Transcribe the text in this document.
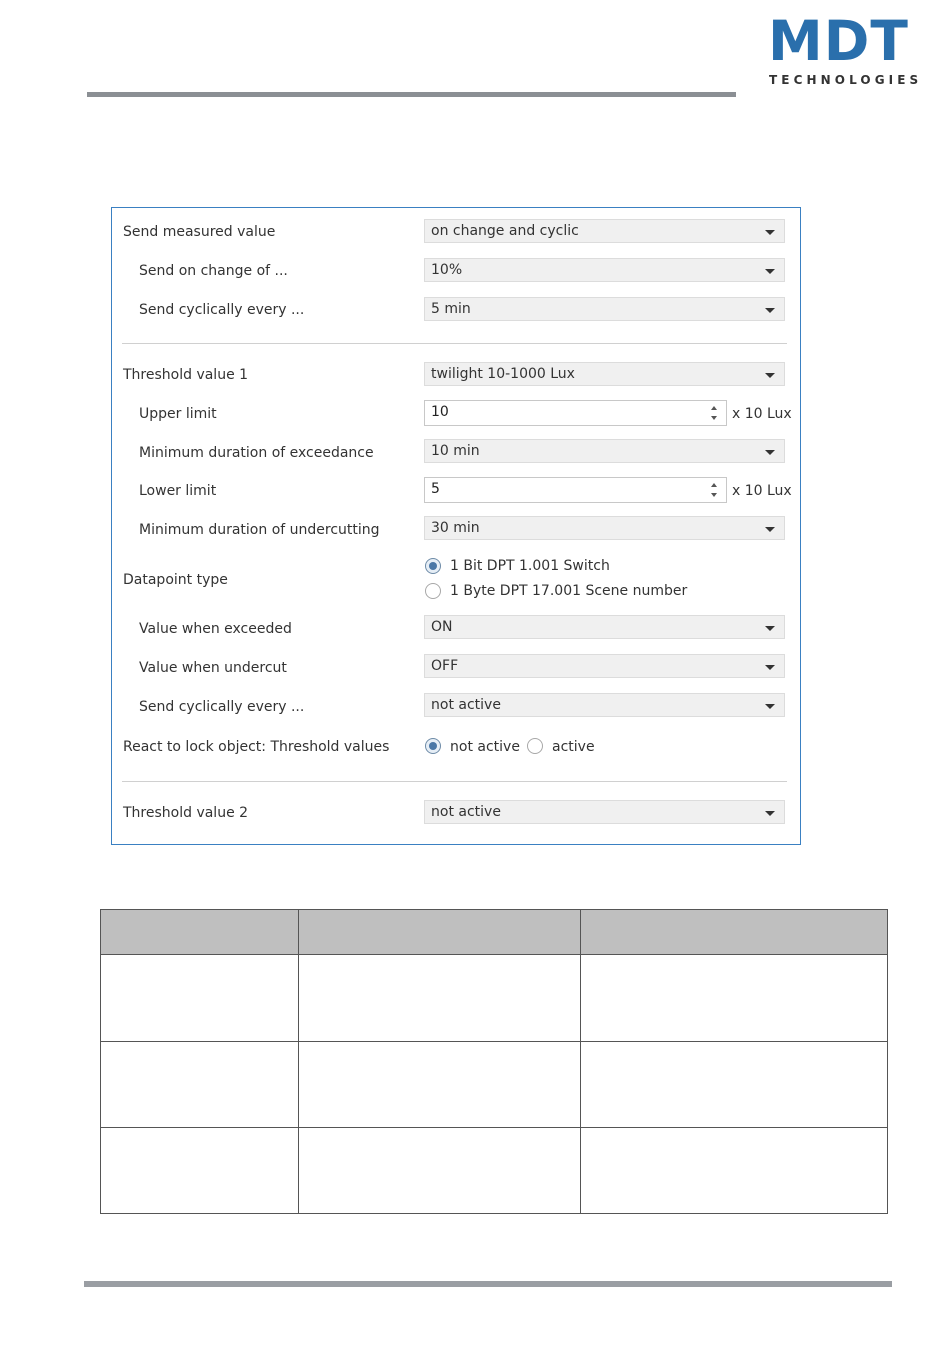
MDT
TECHNOLOGIES
Send measured value	on change and cyclic
Send on change of ...	10%
Send cyclically every ...	5 min
Threshold value 1	twilight 10-1000 Lux
Upper limit	10	x 10 Lux
Minimum duration of exceedance	10 min
Lower limit	5	x 10 Lux
Minimum duration of undercutting	30 min
Datapoint type
1 Bit DPT 1.001 Switch
1 Byte DPT 17.001 Scene number
Value when exceeded	ON
Value when undercut	OFF
Send cyclically every ...	not active
React to lock object: Threshold values	not active active
Threshold value 2	not active
